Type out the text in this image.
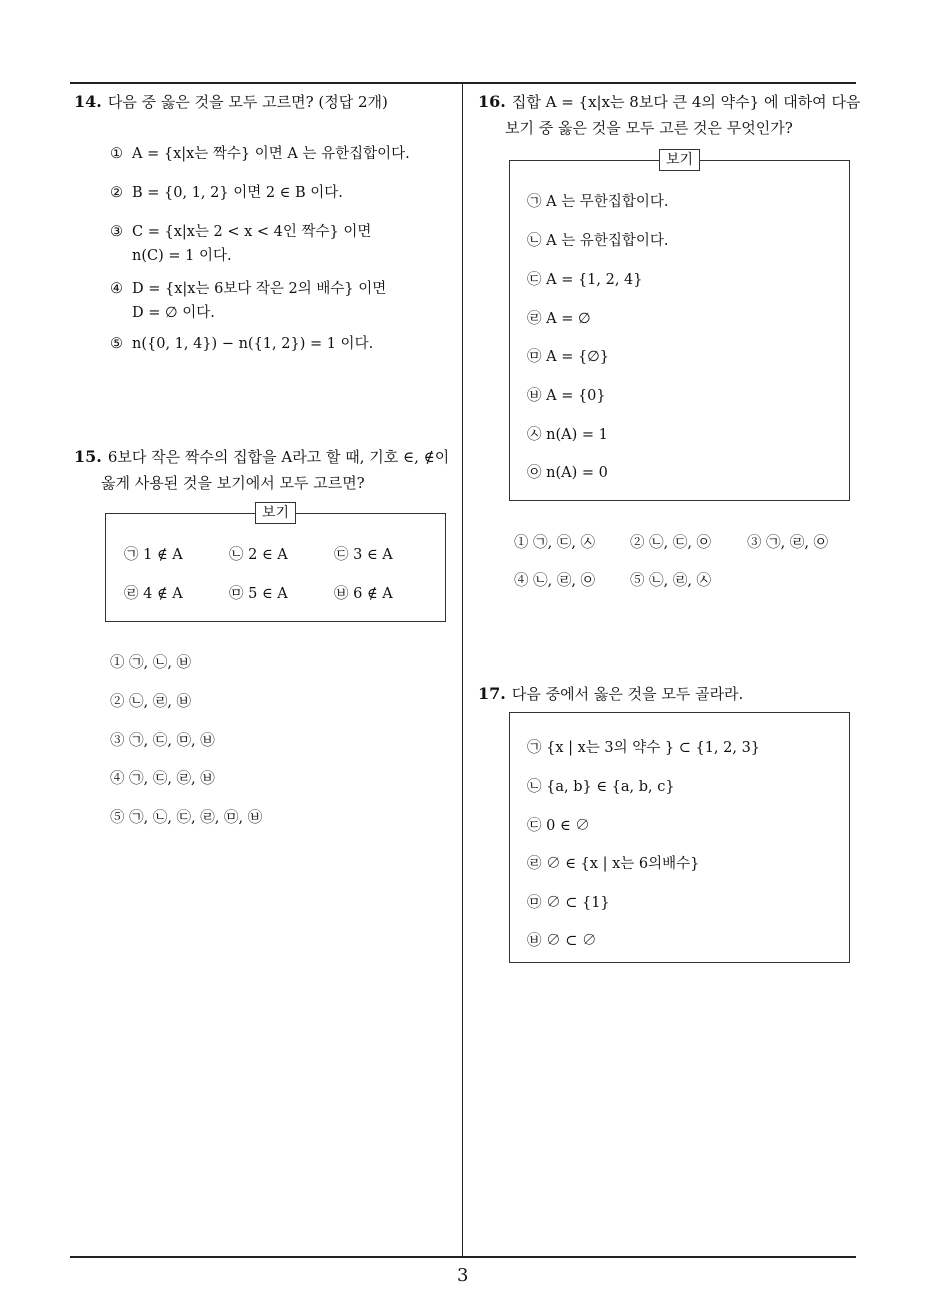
14. 다음 중 옳은 것을 모두 고르면? (정답 2개)
① A = {x|x는 짝수} 이면 A 는 유한집합이다.
② B = {0, 1, 2} 이면 2 ∈ B 이다.
③ C = {x|x는 2 < x < 4인 짝수} 이면
n(C) = 1 이다.
④ D = {x|x는 6보다 작은 2의 배수} 이면
D = ∅ 이다.
⑤ n({0, 1, 4}) − n({1, 2}) = 1 이다.
15. 6보다 작은 짝수의 집합을 A라고 할 때, 기호 ∈, ∉이
옳게 사용된 것을 보기에서 모두 고르면?
보기
㉠ 1 ∉ A	㉡ 2 ∈ A	㉢ 3 ∈ A
㉣ 4 ∉ A	㉤ 5 ∈ A	㉥ 6 ∉ A
① ㉠, ㉡, ㉥
② ㉡, ㉣, ㉥
③ ㉠, ㉢, ㉤, ㉥
④ ㉠, ㉢, ㉣, ㉥
⑤ ㉠, ㉡, ㉢, ㉣, ㉤, ㉥
16. 집합 A = {x|x는 8보다 큰 4의 약수} 에 대하여 다음
보기 중 옳은 것을 모두 고른 것은 무엇인가?
보기
㉠ A 는 무한집합이다.
㉡ A 는 유한집합이다.
㉢ A = {1, 2, 4}
㉣ A = ∅
㉤ A = {∅}
㉥ A = {0}
㉦ n(A) = 1
㉧ n(A) = 0
① ㉠, ㉢, ㉦ ② ㉡, ㉢, ㉧ ③ ㉠, ㉣, ㉧
④ ㉡, ㉣, ㉧ ⑤ ㉡, ㉣, ㉦
17. 다음 중에서 옳은 것을 모두 골라라.
㉠ {x | x는 3의 약수 } ⊂ {1, 2, 3}
㉡ {a, b} ∈ {a, b, c}
㉢ 0 ∈ ∅
㉣ ∅ ∈ {x | x는 6의배수}
㉤ ∅ ⊂ {1}
㉥ ∅ ⊂ ∅
3
